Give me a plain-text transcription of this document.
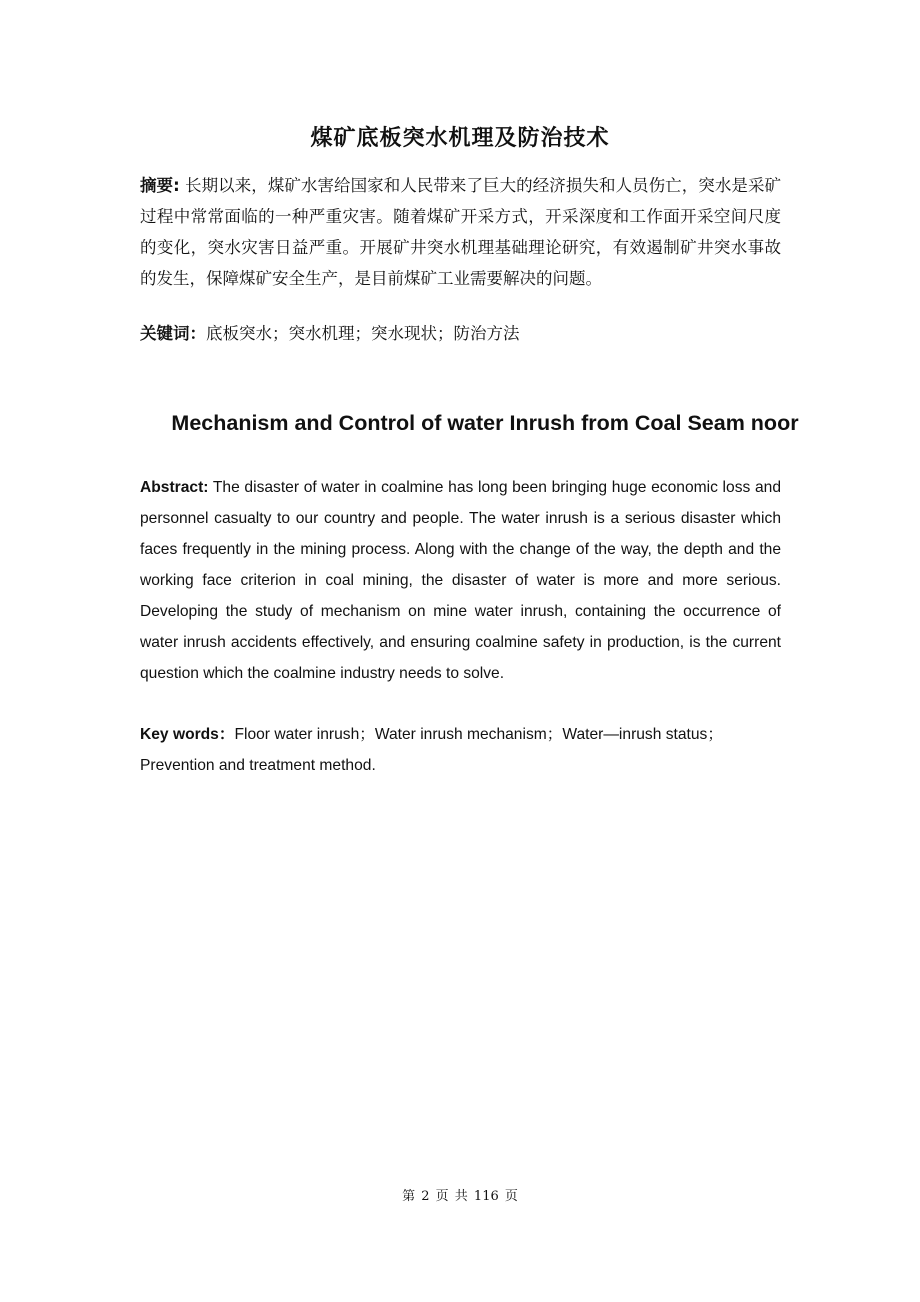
煤矿底板突水机理及防治技术
摘要: 长期以来，煤矿水害给国家和人民带来了巨大的经济损失和人员伤亡，突水是采矿过程中常常面临的一种严重灾害。随着煤矿开采方式，开采深度和工作面开采空间尺度的变化，突水灾害日益严重。开展矿井突水机理基础理论研究，有效遏制矿井突水事故的发生，保障煤矿安全生产，是目前煤矿工业需要解决的问题。
关键词：底板突水；突水机理；突水现状；防治方法
Mechanism and Control of water Inrush from Coal Seam noor
Abstract: The disaster of water in coalmine has long been bringing huge economic loss and personnel casualty to our country and people. The water inrush is a serious disaster which faces frequently in the mining process. Along with the change of the way, the depth and the working face criterion in coal mining, the disaster of water is more and more serious. Developing the study of mechanism on mine water inrush, containing the occurrence of water inrush accidents effectively, and ensuring coalmine safety in production, is the current question which the coalmine industry needs to solve.
Key words：Floor water inrush；Water inrush mechanism；Water—inrush status；Prevention and treatment method.
第 2 页 共 116 页
